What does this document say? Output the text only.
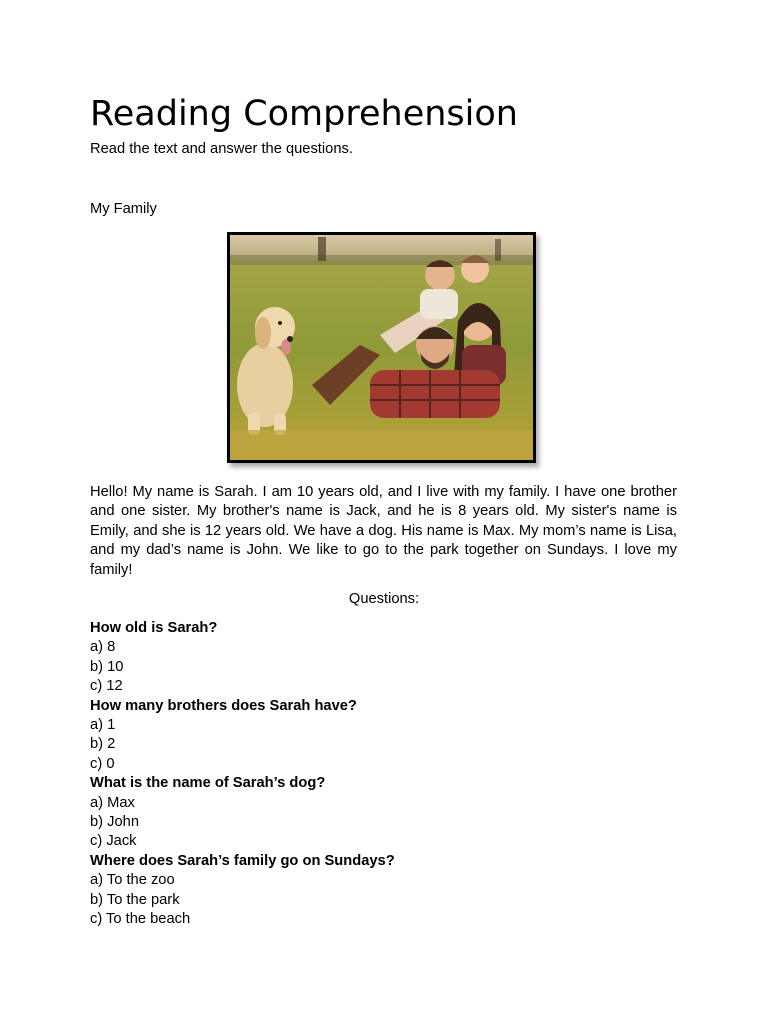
Reading Comprehension
Read the text and answer the questions.
My Family

Hello! My name is Sarah. I am 10 years old, and I live with my family. I have one brother and one sister. My brother's name is Jack, and he is 8 years old. My sister's name is Emily, and she is 12 years old. We have a dog. His name is Max. My mom’s name is Lisa, and my dad’s name is John. We like to go to the park together on Sundays. I love my family!

Questions:
How old is Sarah?
a) 8
b) 10
c) 12
How many brothers does Sarah have?
a) 1
b) 2
c) 0
What is the name of Sarah’s dog?
a) Max
b) John
c) Jack
Where does Sarah’s family go on Sundays?
a) To the zoo
b) To the park
c) To the beach
